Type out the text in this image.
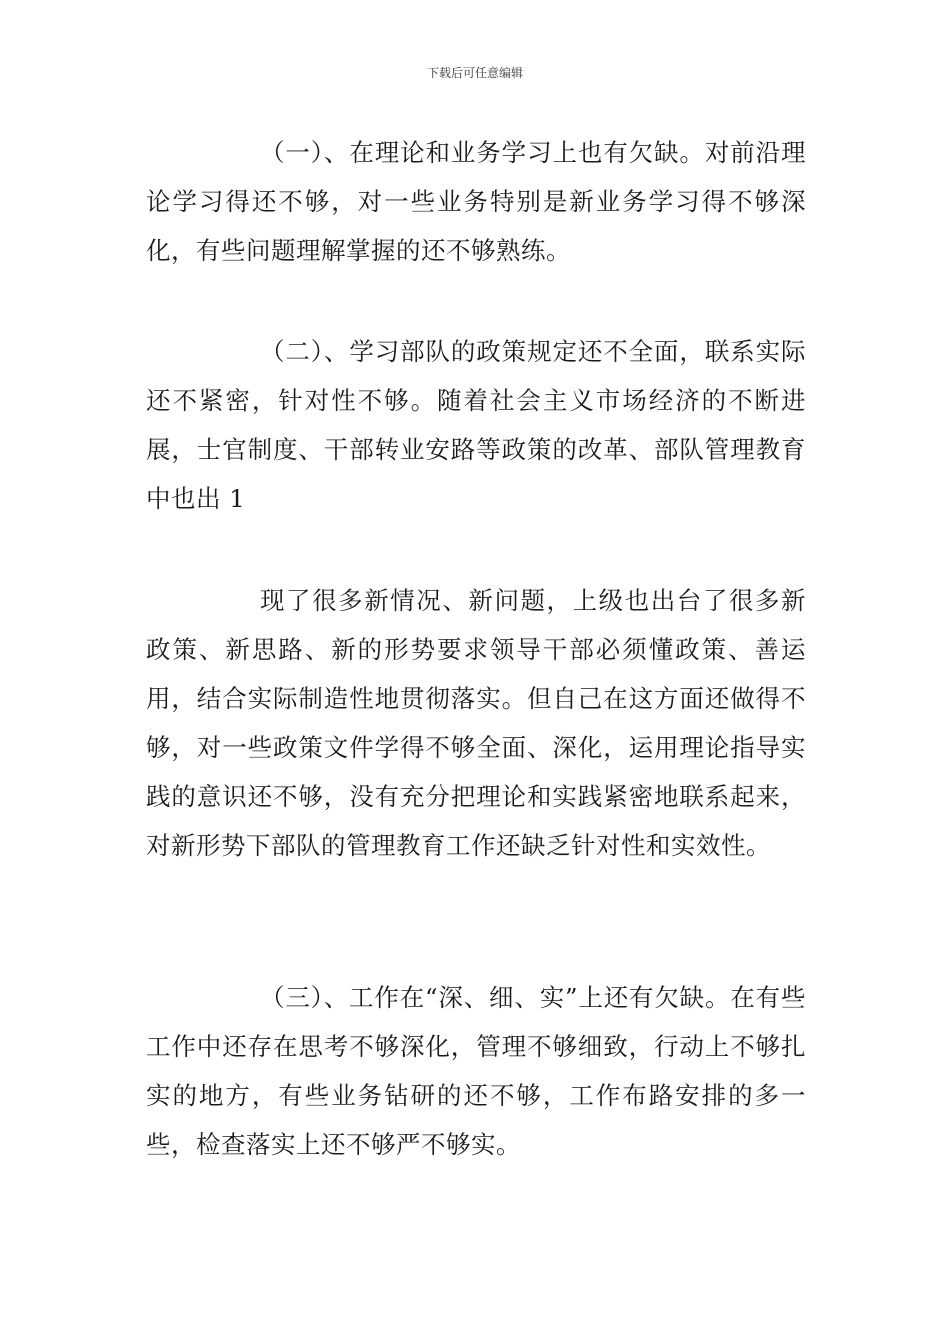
下载后可任意编辑

（一）、在理论和业务学习上也有欠缺。对前沿理论学习得还不够，对一些业务特别是新业务学习得不够深化，有些问题理解掌握的还不够熟练。

（二）、学习部队的政策规定还不全面，联系实际还不紧密，针对性不够。随着社会主义市场经济的不断进展，士官制度、干部转业安路等政策的改革、部队管理教育中也出 1

现了很多新情况、新问题，上级也出台了很多新政策、新思路、新的形势要求领导干部必须懂政策、善运用，结合实际制造性地贯彻落实。但自己在这方面还做得不够，对一些政策文件学得不够全面、深化，运用理论指导实践的意识还不够，没有充分把理论和实践紧密地联系起来，对新形势下部队的管理教育工作还缺乏针对性和实效性。

（三）、工作在“深、细、实”上还有欠缺。在有些工作中还存在思考不够深化，管理不够细致，行动上不够扎实的地方，有些业务钻研的还不够，工作布路安排的多一些，检查落实上还不够严不够实。
